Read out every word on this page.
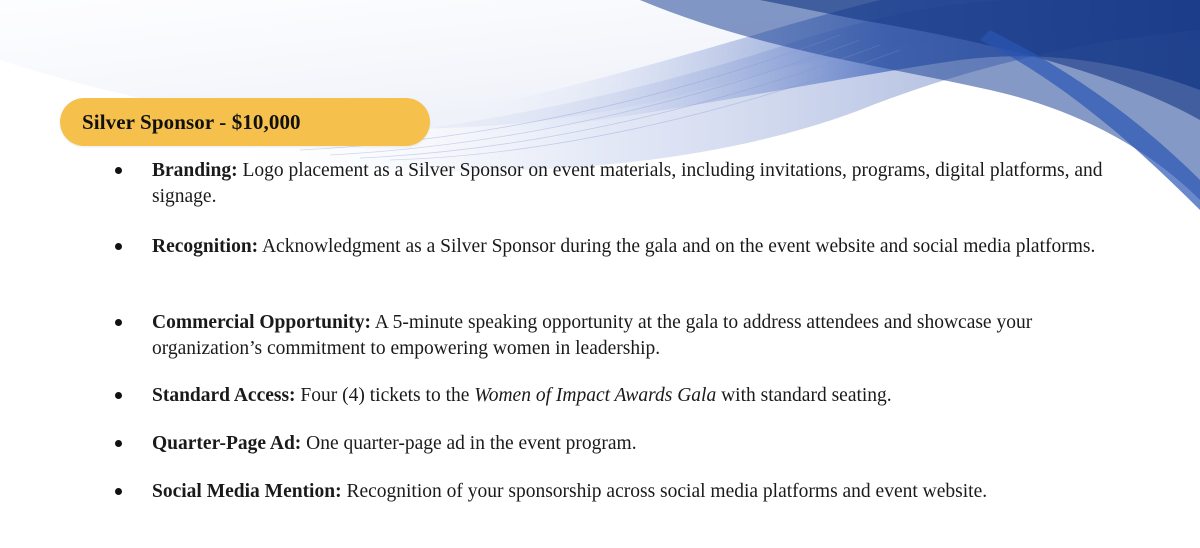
Silver Sponsor - $10,000
Branding: Logo placement as a Silver Sponsor on event materials, including invitations, programs, digital platforms, and signage.
Recognition: Acknowledgment as a Silver Sponsor during the gala and on the event website and social media platforms.
Commercial Opportunity: A 5-minute speaking opportunity at the gala to address attendees and showcase your organization’s commitment to empowering women in leadership.
Standard Access: Four (4) tickets to the Women of Impact Awards Gala with standard seating.
Quarter-Page Ad: One quarter-page ad in the event program.
Social Media Mention: Recognition of your sponsorship across social media platforms and event website.
